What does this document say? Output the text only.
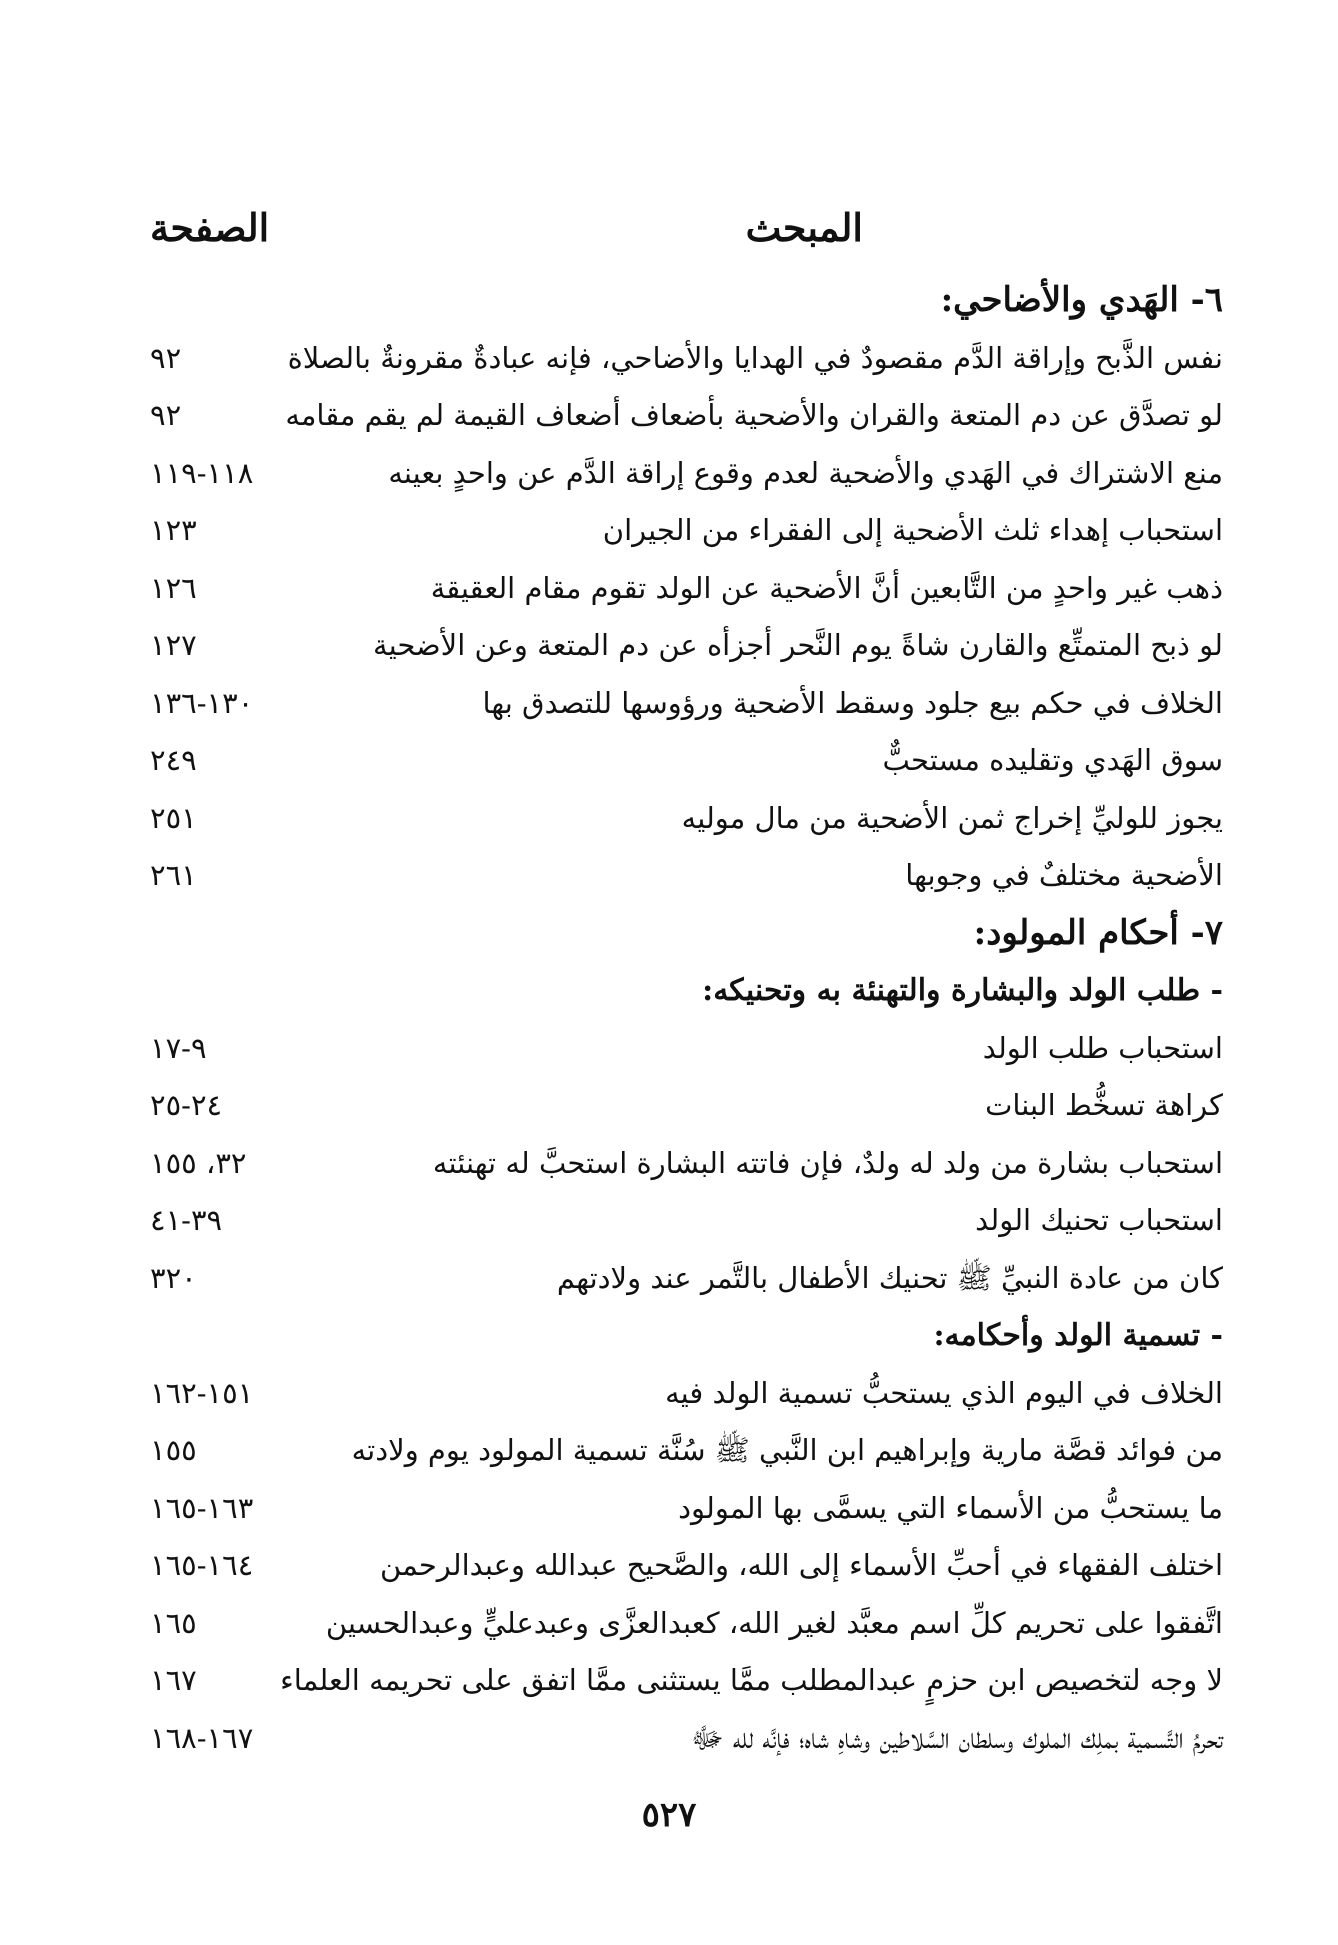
المبحث
الصفحة
٦- الهَدي والأضاحي:
نفس الذَّبح وإراقة الدَّم مقصودٌ في الهدايا والأضاحي، فإنه عبادةٌ مقرونةٌ بالصلاة
٩٢
لو تصدَّق عن دم المتعة والقران والأضحية بأضعاف أضعاف القيمة لم يقم مقامه
٩٢
منع الاشتراك في الهَدي والأضحية لعدم وقوع إراقة الدَّم عن واحدٍ بعينه
١١٨-١١٩
استحباب إهداء ثلث الأضحية إلى الفقراء من الجيران
١٢٣
ذهب غير واحدٍ من التَّابعين أنَّ الأضحية عن الولد تقوم مقام العقيقة
١٢٦
لو ذبح المتمتِّع والقارن شاةً يوم النَّحر أجزأه عن دم المتعة وعن الأضحية
١٢٧
الخلاف في حكم بيع جلود وسقط الأضحية ورؤوسها للتصدق بها
١٣٠-١٣٦
سوق الهَدي وتقليده مستحبٌّ
٢٤٩
يجوز للوليِّ إخراج ثمن الأضحية من مال موليه
٢٥١
الأضحية مختلفٌ في وجوبها
٢٦١
٧- أحكام المولود:
- طلب الولد والبشارة والتهنئة به وتحنيكه:
استحباب طلب الولد
٩-١٧
كراهة تسخُّط البنات
٢٤-٢٥
استحباب بشارة من ولد له ولدٌ، فإن فاتته البشارة استحبَّ له تهنئته
٣٢، ١٥٥
استحباب تحنيك الولد
٣٩-٤١
كان من عادة النبيِّ ﷺ تحنيك الأطفال بالتَّمر عند ولادتهم
٣٢٠
- تسمية الولد وأحكامه:
الخلاف في اليوم الذي يستحبُّ تسمية الولد فيه
١٥١-١٦٢
من فوائد قصَّة مارية وإبراهيم ابن النَّبي ﷺ سُنَّة تسمية المولود يوم ولادته
١٥٥
ما يستحبُّ من الأسماء التي يسمَّى بها المولود
١٦٣-١٦٥
اختلف الفقهاء في أحبِّ الأسماء إلى الله، والصَّحيح عبدالله وعبدالرحمن
١٦٤-١٦٥
اتَّفقوا على تحريم كلِّ اسم معبَّد لغير الله، كعبدالعزَّى وعبدعليٍّ وعبدالحسين
١٦٥
لا وجه لتخصيص ابن حزمٍ عبدالمطلب ممَّا يستثنى ممَّا اتفق على تحريمه العلماء
١٦٧
تحرمُ التَّسمية بملِك الملوك وسلطان السَّلاطين وشاهِ شاه؛ فإنَّه لله ﷻ
١٦٧-١٦٨
٥٢٧
